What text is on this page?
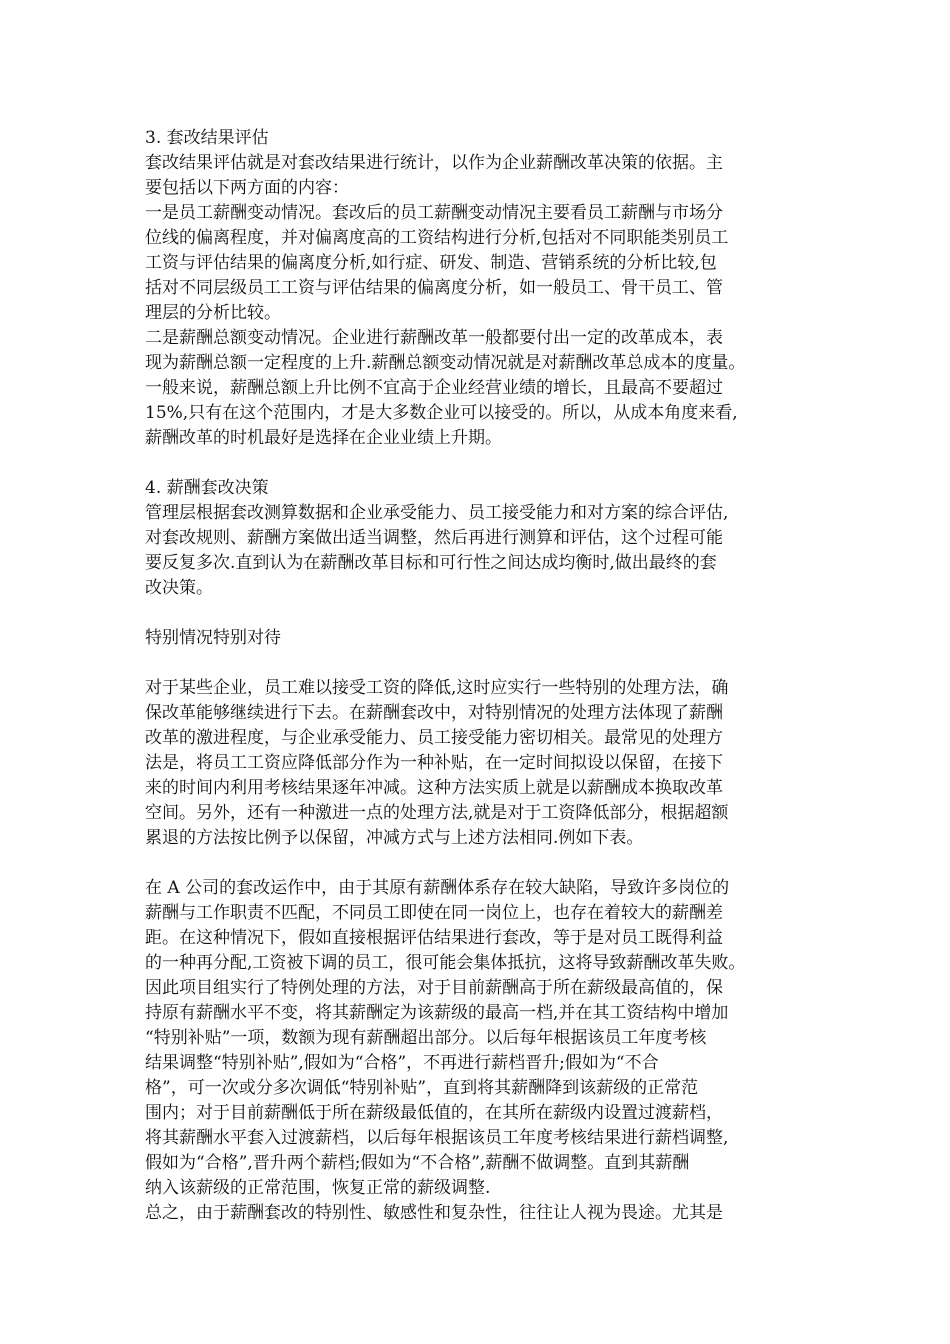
3. 套改结果评估
套改结果评估就是对套改结果进行统计，以作为企业薪酬改革决策的依据。主
要包括以下两方面的内容：
一是员工薪酬变动情况。套改后的员工薪酬变动情况主要看员工薪酬与市场分
位线的偏离程度，并对偏离度高的工资结构进行分析,包括对不同职能类别员工
工资与评估结果的偏离度分析,如行症、研发、制造、营销系统的分析比较,包
括对不同层级员工工资与评估结果的偏离度分析，如一般员工、骨干员工、管
理层的分析比较。
二是薪酬总额变动情况。企业进行薪酬改革一般都要付出一定的改革成本，表
现为薪酬总额一定程度的上升.薪酬总额变动情况就是对薪酬改革总成本的度量。
一般来说，薪酬总额上升比例不宜高于企业经营业绩的增长，且最高不要超过
15%,只有在这个范围内，才是大多数企业可以接受的。所以，从成本角度来看,
薪酬改革的时机最好是选择在企业业绩上升期。
4. 薪酬套改决策
管理层根据套改测算数据和企业承受能力、员工接受能力和对方案的综合评估,
对套改规则、薪酬方案做出适当调整，然后再进行测算和评估，这个过程可能
要反复多次.直到认为在薪酬改革目标和可行性之间达成均衡时,做出最终的套
改决策。
特别情况特别对待
对于某些企业，员工难以接受工资的降低,这时应实行一些特别的处理方法，确
保改革能够继续进行下去。在薪酬套改中，对特别情况的处理方法体现了薪酬
改革的激进程度，与企业承受能力、员工接受能力密切相关。最常见的处理方
法是，将员工工资应降低部分作为一种补贴，在一定时间拟设以保留，在接下
来的时间内利用考核结果逐年冲减。这种方法实质上就是以薪酬成本换取改革
空间。另外，还有一种激进一点的处理方法,就是对于工资降低部分，根据超额
累退的方法按比例予以保留，冲减方式与上述方法相同.例如下表。
在 A 公司的套改运作中，由于其原有薪酬体系存在较大缺陷，导致许多岗位的
薪酬与工作职责不匹配，不同员工即使在同一岗位上，也存在着较大的薪酬差
距。在这种情况下，假如直接根据评估结果进行套改，等于是对员工既得利益
的一种再分配,工资被下调的员工，很可能会集体抵抗，这将导致薪酬改革失败。
因此项目组实行了特例处理的方法，对于目前薪酬高于所在薪级最高值的，保
持原有薪酬水平不变，将其薪酬定为该薪级的最高一档,并在其工资结构中增加
“特别补贴”一项，数额为现有薪酬超出部分。以后每年根据该员工年度考核
结果调整“特别补贴”,假如为“合格”，不再进行薪档晋升;假如为“不合
格”，可一次或分多次调低“特别补贴”，直到将其薪酬降到该薪级的正常范
围内；对于目前薪酬低于所在薪级最低值的，在其所在薪级内设置过渡薪档，
将其薪酬水平套入过渡薪档，以后每年根据该员工年度考核结果进行薪档调整,
假如为“合格”,晋升两个薪档;假如为“不合格”,薪酬不做调整。直到其薪酬
纳入该薪级的正常范围，恢复正常的薪级调整.
总之，由于薪酬套改的特别性、敏感性和复杂性，往往让人视为畏途。尤其是
